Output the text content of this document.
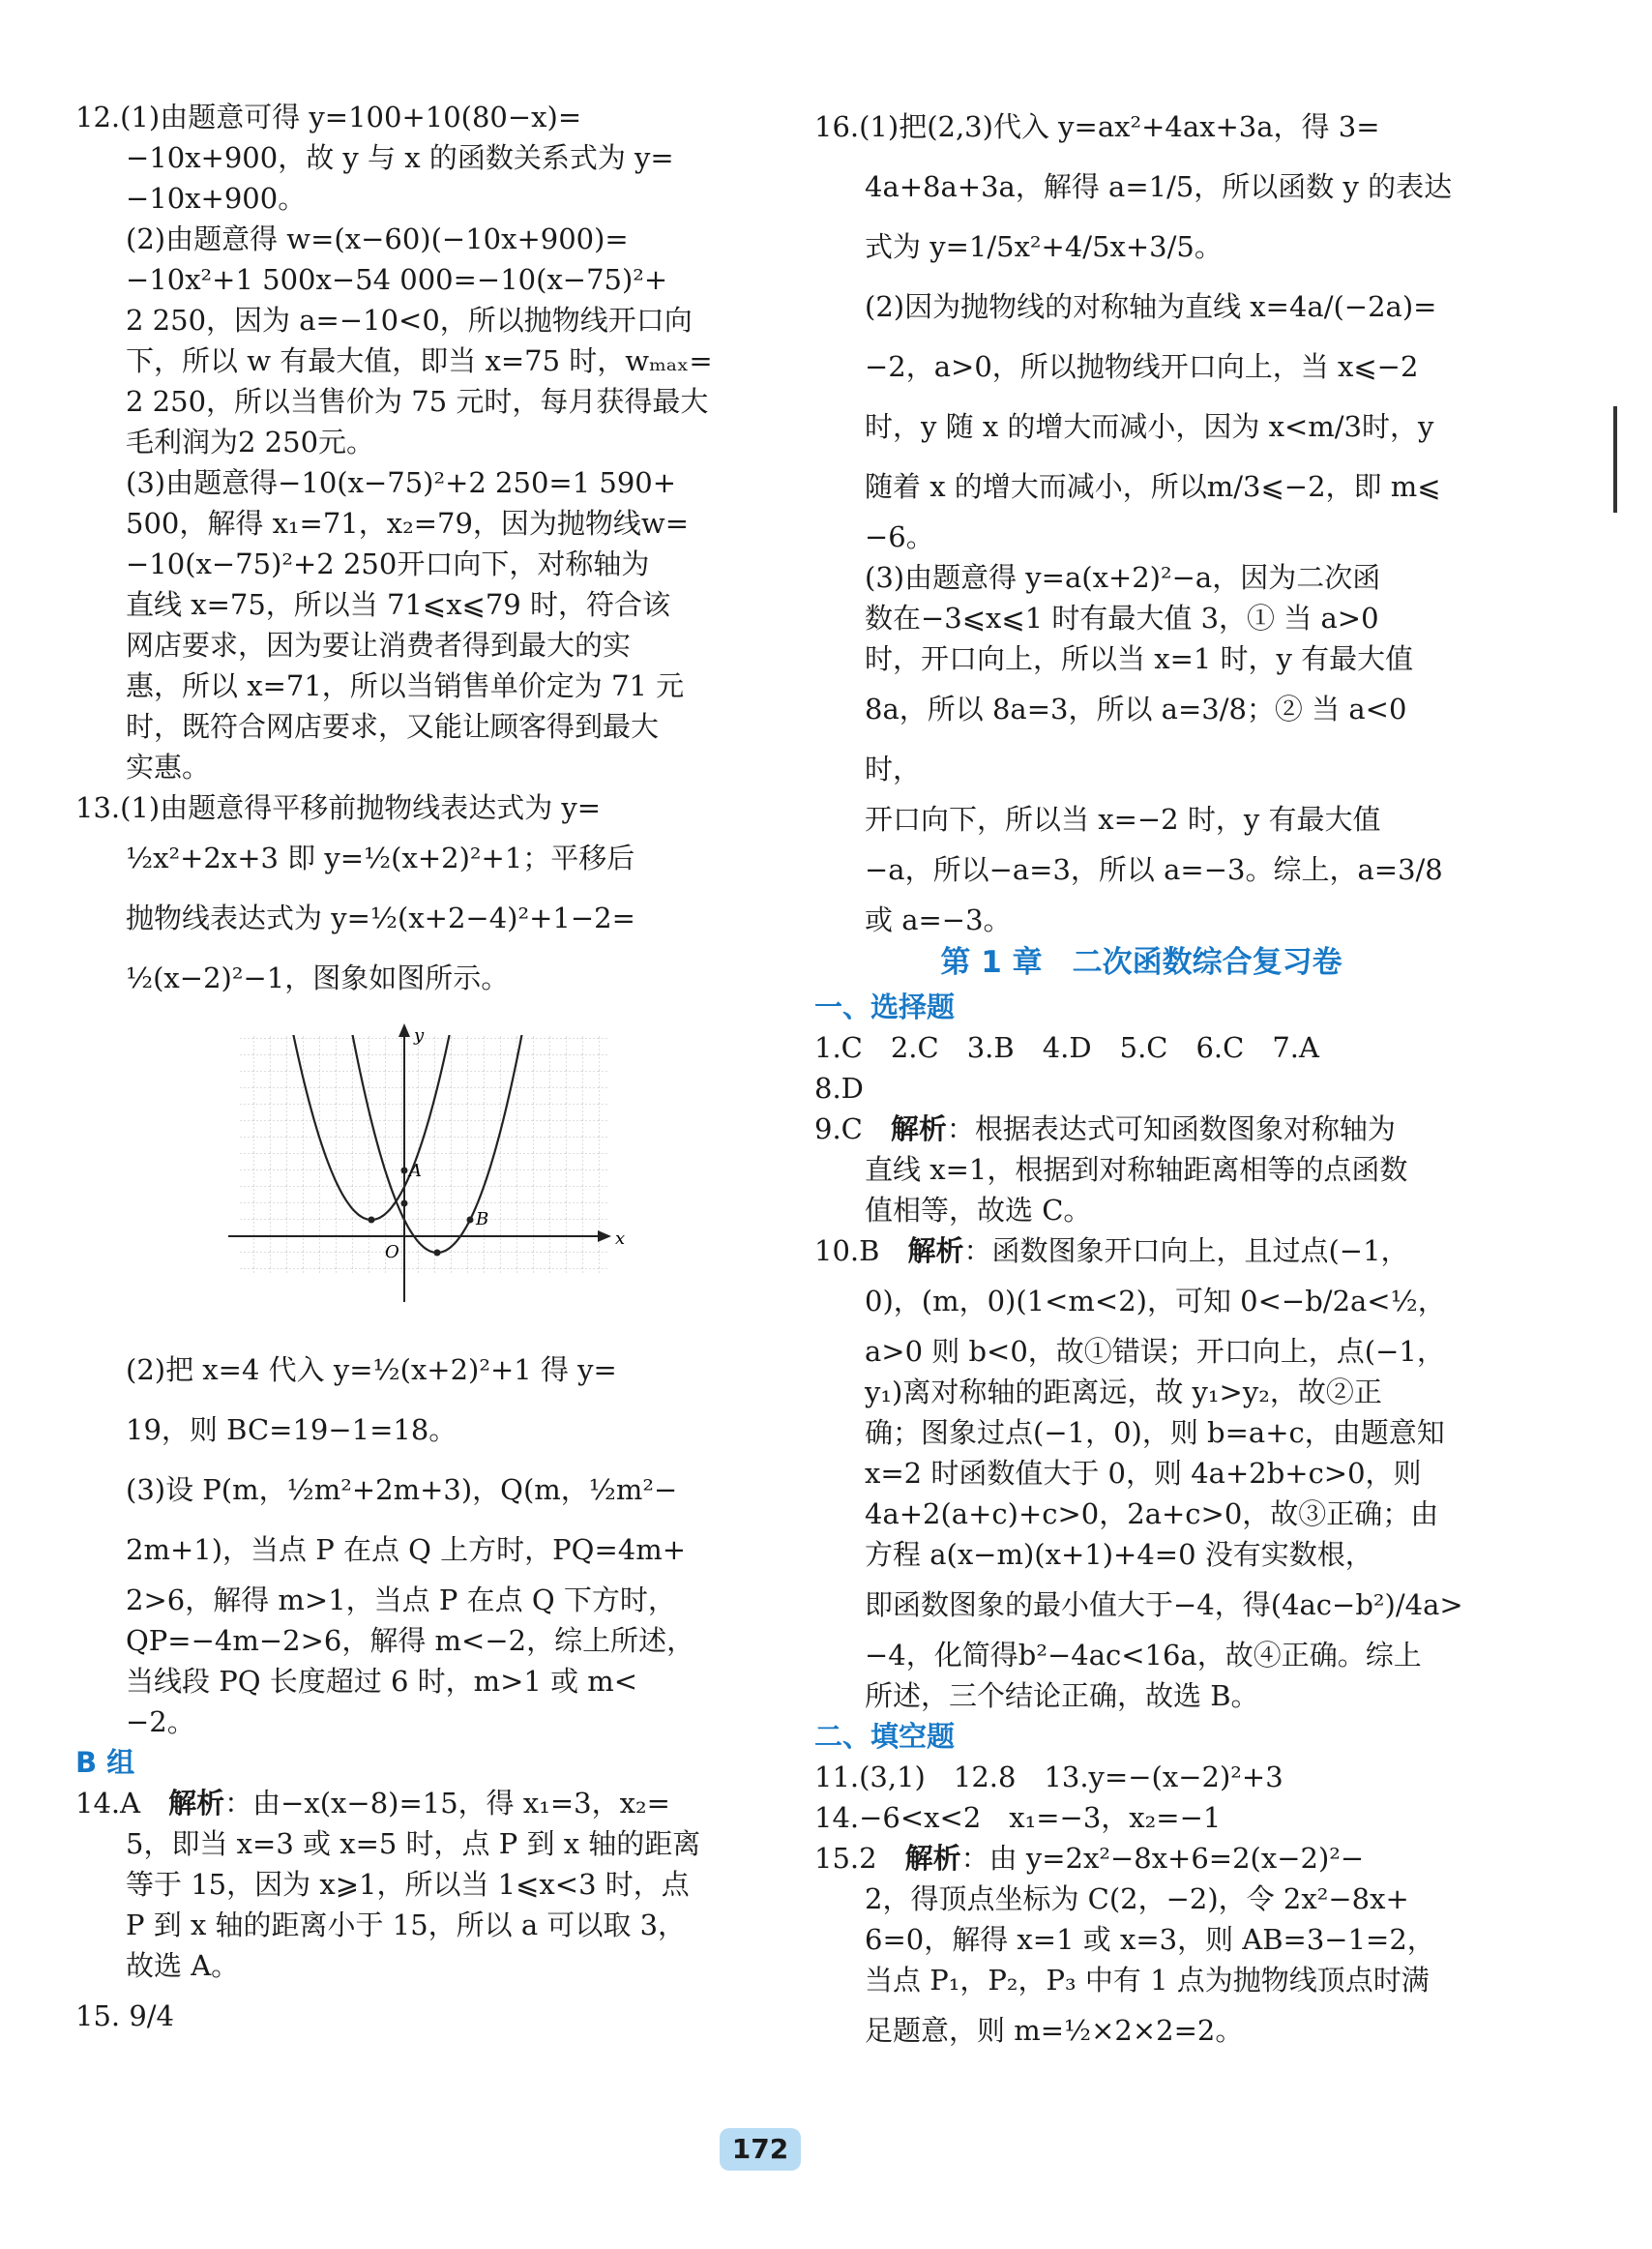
12.(1)由题意可得 y=100+10(80−x)=

−10x+900，故 y 与 x 的函数关系式为 y=

−10x+900。

(2)由题意得 w=(x−60)(−10x+900)=

−10x²+1 500x−54 000=−10(x−75)²+

2 250，因为 a=−10<0，所以抛物线开口向

下，所以 w 有最大值，即当 x=75 时，wₘₐₓ=

2 250，所以当售价为 75 元时，每月获得最大

毛利润为2 250元。

(3)由题意得−10(x−75)²+2 250=1 590+

500，解得 x₁=71，x₂=79，因为抛物线w=

−10(x−75)²+2 250开口向下，对称轴为

直线 x=75，所以当 71⩽x⩽79 时，符合该

网店要求，因为要让消费者得到最大的实

惠，所以 x=71，所以当销售单价定为 71 元

时，既符合网店要求，又能让顾客得到最大

实惠。

13.(1)由题意得平移前抛物线表达式为 y=

½x²+2x+3 即 y=½(x+2)²+1；平移后

抛物线表达式为 y=½(x+2−4)²+1−2=

½(x−2)²−1，图象如图所示。

y
x
O
A
B

(2)把 x=4 代入 y=½(x+2)²+1 得 y=

19，则 BC=19−1=18。

(3)设 P(m，½m²+2m+3)，Q(m，½m²−

2m+1)，当点 P 在点 Q 上方时，PQ=4m+

2>6，解得 m>1，当点 P 在点 Q 下方时，

QP=−4m−2>6，解得 m<−2，综上所述，

当线段 PQ 长度超过 6 时，m>1 或 m<

−2。

B 组

14.A　 解析：由−x(x−8)=15，得 x₁=3，x₂=

5，即当 x=3 或 x=5 时，点 P 到 x 轴的距离

等于 15，因为 x⩾1，所以当 1⩽x<3 时，点

P 到 x 轴的距离小于 15，所以 a 可以取 3，

故选 A。

15. 9/4

16.(1)把(2,3)代入 y=ax²+4ax+3a，得 3=

4a+8a+3a，解得 a=1/5，所以函数 y 的表达

式为 y=1/5x²+4/5x+3/5。

(2)因为抛物线的对称轴为直线 x=4a/(−2a)=

−2，a>0，所以抛物线开口向上，当 x⩽−2

时，y 随 x 的增大而减小，因为 x<m/3时，y

随着 x 的增大而减小，所以m/3⩽−2，即 m⩽

−6。

(3)由题意得 y=a(x+2)²−a，因为二次函

数在−3⩽x⩽1 时有最大值 3，① 当 a>0

时，开口向上，所以当 x=1 时，y 有最大值

8a，所以 8a=3，所以 a=3/8；② 当 a<0 时，

开口向下，所以当 x=−2 时，y 有最大值

−a，所以−a=3，所以 a=−3。综上，a=3/8

或 a=−3。

第 1 章　二次函数综合复习卷

一、选择题

1.C　2.C　3.B　4.D　5.C　6.C　7.A

8.D

9.C　 解析：根据表达式可知函数图象对称轴为

直线 x=1，根据到对称轴距离相等的点函数

值相等，故选 C。

10.B　 解析：函数图象开口向上，且过点(−1，

0)，(m，0)(1<m<2)，可知 0<−b/2a<½，

a>0 则 b<0，故①错误；开口向上，点(−1，

y₁)离对称轴的距离远，故 y₁>y₂，故②正

确；图象过点(−1，0)，则 b=a+c，由题意知

x=2 时函数值大于 0，则 4a+2b+c>0，则

4a+2(a+c)+c>0，2a+c>0，故③正确；由

方程 a(x−m)(x+1)+4=0 没有实数根，

即函数图象的最小值大于−4，得(4ac−b²)/4a>

−4，化简得b²−4ac<16a，故④正确。综上

所述，三个结论正确，故选 B。

二、填空题

11.(3,1)　12.8　13.y=−(x−2)²+3

14.−6<x<2　x₁=−3，x₂=−1

15.2　 解析：由 y=2x²−8x+6=2(x−2)²−

2，得顶点坐标为 C(2，−2)，令 2x²−8x+

6=0，解得 x=1 或 x=3，则 AB=3−1=2，

当点 P₁，P₂，P₃ 中有 1 点为抛物线顶点时满

足题意，则 m=½×2×2=2。

172
